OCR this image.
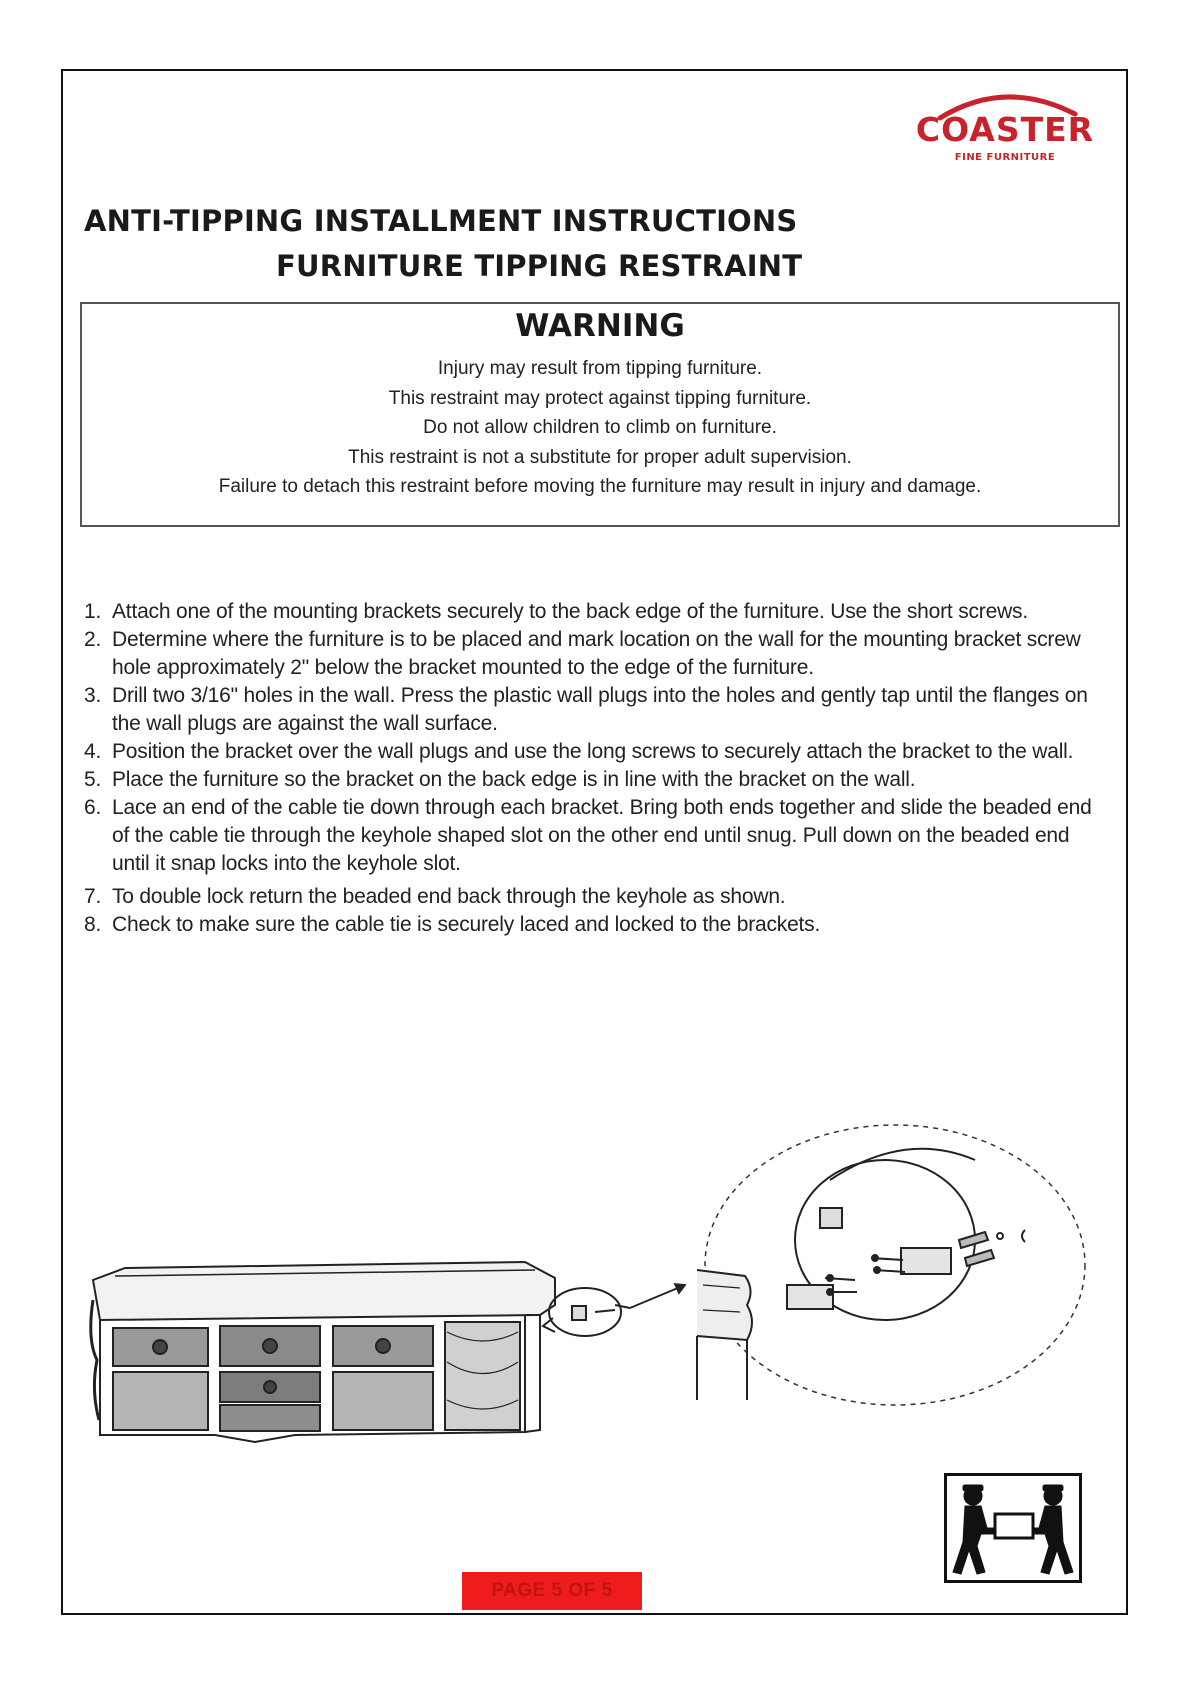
COASTER
FINE FURNITURE
ANTI-TIPPING INSTALLMENT INSTRUCTIONS
FURNITURE TIPPING RESTRAINT
WARNING
Injury may result from tipping furniture.
This restraint may protect against tipping furniture.
Do not allow children to climb on furniture.
This restraint is not a substitute for proper adult supervision.
Failure to detach this restraint before moving the furniture may result in injury and damage.
1. Attach one of the mounting brackets securely to the back edge of the furniture. Use the short screws.
2. Determine where the furniture is to be placed and mark location on the wall for the mounting bracket screw hole approximately 2" below the bracket mounted to the edge of the furniture.
3. Drill two 3/16" holes in the wall. Press the plastic wall plugs into the holes and gently tap until the flanges on the wall plugs are against the wall surface.
4. Position the bracket over the wall plugs and use the long screws to securely attach the bracket to the wall.
5. Place the furniture so the bracket on the back edge is in line with the bracket on the wall.
6. Lace an end of the cable tie down through each bracket. Bring both ends together and slide the beaded end of the cable tie through the keyhole shaped slot on the other end until snug. Pull down on the beaded end until it snap locks into the keyhole slot.
7. To double lock return the beaded end back through the keyhole as shown.
8. Check to make sure the cable tie is securely laced and locked to the brackets.
PAGE 5 OF 5
